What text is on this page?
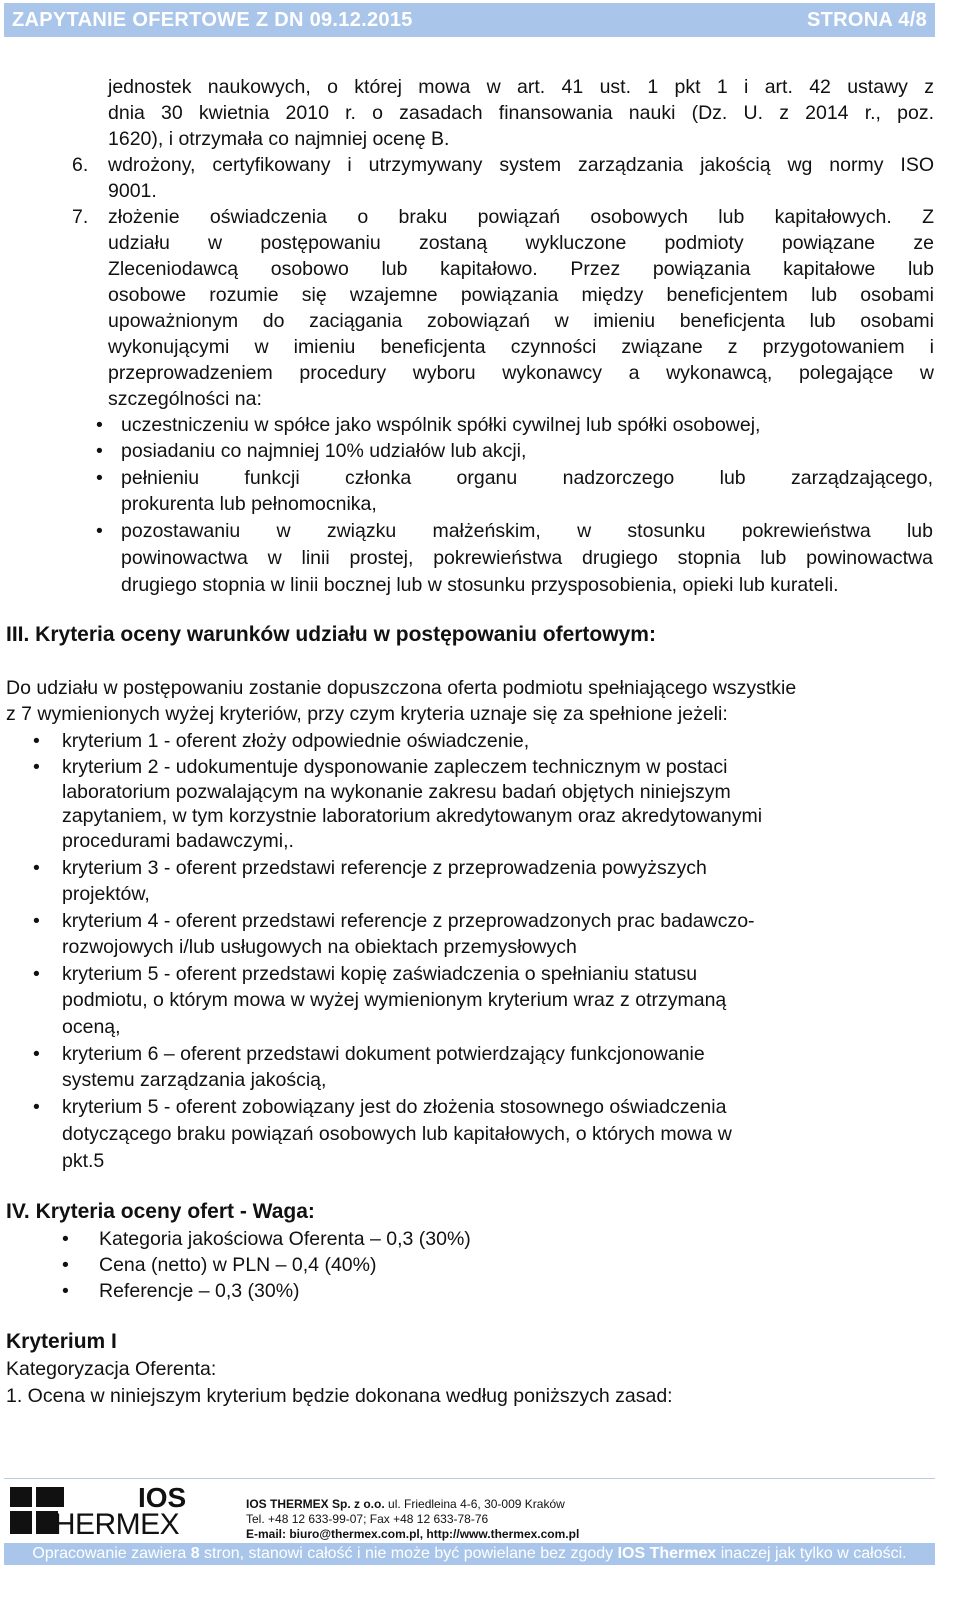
ZAPYTANIE OFERTOWE Z DN 09.12.2015	STRONA 4/8
jednostek naukowych, o której mowa w art. 41 ust. 1 pkt 1 i art. 42 ustawy z
dnia 30 kwietnia 2010 r. o zasadach finansowania nauki (Dz. U. z 2014 r., poz.
1620), i otrzymała co najmniej ocenę B.
6. wdrożony, certyfikowany i utrzymywany system zarządzania jakością wg normy ISO
9001.
7. złożenie oświadczenia o braku powiązań osobowych lub kapitałowych. Z
udziału w postępowaniu zostaną wykluczone podmioty powiązane ze
Zleceniodawcą osobowo lub kapitałowo. Przez powiązania kapitałowe lub
osobowe rozumie się wzajemne powiązania między beneficjentem lub osobami
upoważnionym do zaciągania zobowiązań w imieniu beneficjenta lub osobami
wykonującymi w imieniu beneficjenta czynności związane z przygotowaniem i
przeprowadzeniem procedury wyboru wykonawcy a wykonawcą, polegające w
szczególności na:
• uczestniczeniu w spółce jako wspólnik spółki cywilnej lub spółki osobowej,
• posiadaniu co najmniej 10% udziałów lub akcji,
• pełnieniu funkcji członka organu nadzorczego lub zarządzającego,
prokurenta lub pełnomocnika,
• pozostawaniu w związku małżeńskim, w stosunku pokrewieństwa lub
powinowactwa w linii prostej, pokrewieństwa drugiego stopnia lub powinowactwa
drugiego stopnia w linii bocznej lub w stosunku przysposobienia, opieki lub kurateli.
III. Kryteria oceny warunków udziału w postępowaniu ofertowym:
Do udziału w postępowaniu zostanie dopuszczona oferta podmiotu spełniającego wszystkie
z 7 wymienionych wyżej kryteriów, przy czym kryteria uznaje się za spełnione jeżeli:
• kryterium 1 - oferent złoży odpowiednie oświadczenie,
• kryterium 2 - udokumentuje dysponowanie zapleczem technicznym w postaci
laboratorium pozwalającym na wykonanie zakresu badań objętych niniejszym
zapytaniem, w tym korzystnie laboratorium akredytowanym oraz akredytowanymi
procedurami badawczymi,.
• kryterium 3 - oferent przedstawi referencje z przeprowadzenia powyższych
projektów,
• kryterium 4 - oferent przedstawi referencje z przeprowadzonych prac badawczo-
rozwojowych i/lub usługowych na obiektach przemysłowych
• kryterium 5 - oferent przedstawi kopię zaświadczenia o spełnianiu statusu
podmiotu, o którym mowa w wyżej wymienionym kryterium wraz z otrzymaną
oceną,
• kryterium 6 – oferent przedstawi dokument potwierdzający funkcjonowanie
systemu zarządzania jakością,
• kryterium 5 - oferent zobowiązany jest do złożenia stosownego oświadczenia
dotyczącego braku powiązań osobowych lub kapitałowych, o których mowa w
pkt.5
IV. Kryteria oceny ofert - Waga:
• Kategoria jakościowa Oferenta – 0,3 (30%)
• Cena (netto) w PLN – 0,4 (40%)
• Referencje – 0,3 (30%)
Kryterium I
Kategoryzacja Oferenta:
1. Ocena w niniejszym kryterium będzie dokonana według poniższych zasad:
IOS
THERMEX
IOS THERMEX Sp. z o.o. ul. Friedleina 4-6, 30-009 Kraków
Tel. +48 12 633-99-07; Fax +48 12 633-78-76
E-mail: biuro@thermex.com.pl, http://www.thermex.com.pl
Opracowanie zawiera 8 stron, stanowi całość i nie może być powielane bez zgody IOS Thermex inaczej jak tylko w całości.
